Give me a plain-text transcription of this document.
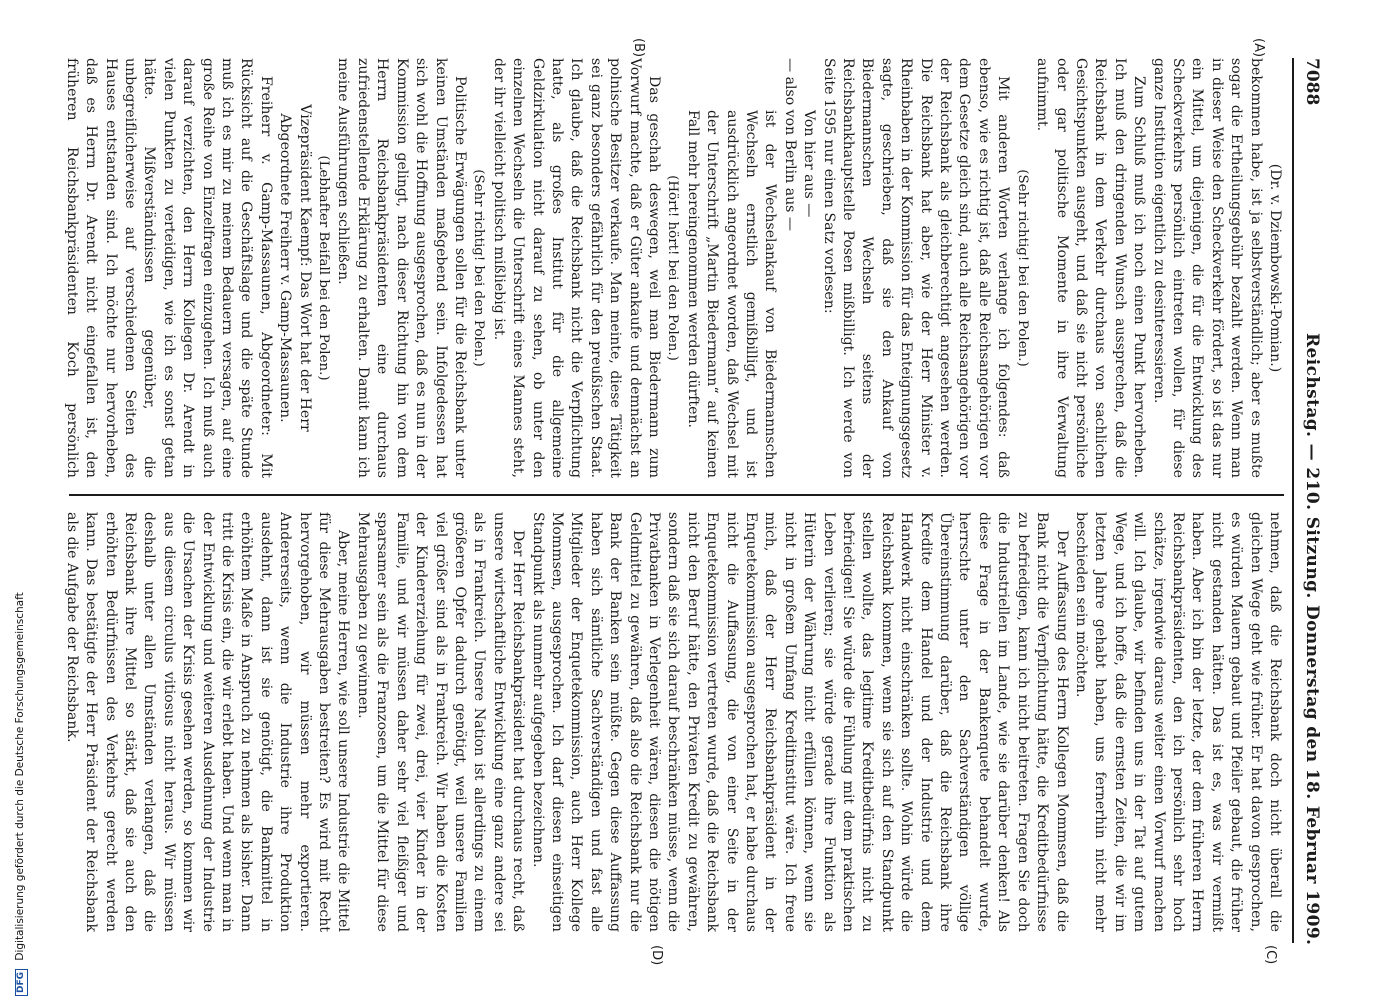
DFG Digitalisierung gefördert durch die Deutsche Forschungsgemeinschaft
7088
Reichstag. — 210. Sitzung. Donnerstag den 18. Februar 1909.
(A)
(B)
(C)
(D)

(Dr. v. Dziembowski-Pomian.)

bekommen habe, ist ja selbstverständlich; aber es mußte sogar die Ertheilungsgebühr bezahlt werden. Wenn man in dieser Weise den Scheckverkehr fördert, so ist das nur ein Mittel, um diejenigen, die für die Entwicklung des Scheckverkehrs persönlich eintreten wollen, für diese ganze Institution eigentlich zu desinteressieren.

Zum Schluß muß ich noch einen Punkt hervorheben. Ich muß den dringenden Wunsch aussprechen, daß die Reichsbank in dem Verkehr durchaus von sachlichen Gesichtspunkten ausgeht, und daß sie nicht persönliche oder gar politische Momente in ihre Verwaltung aufnimmt.

(Sehr richtig! bei den Polen.)

Mit anderen Worten verlange ich folgendes: daß ebenso, wie es richtig ist, daß alle Reichsangehörigen vor dem Gesetze gleich sind, auch alle Reichsangehörigen vor der Reichsbank als gleichberechtigt angesehen werden. Die Reichsbank hat aber, wie der Herr Minister v. Rheinbaben in der Kommission für das Enteignungsgesetz sagte, geschrieben, daß sie den Ankauf von Biedermannschen Wechseln seitens der Reichsbankhauptstelle Posen mißbilligt. Ich werde von Seite 1595 nur einen Satz vorlesen:

Von hier aus —

— also von Berlin aus —

ist der Wechselankauf von Biedermannschen Wechseln ernstlich gemißbilligt, und ist ausdrücklich angeordnet worden, daß Wechsel mit der Unterschrift „Martin Biedermann“ auf keinen Fall mehr hereingenommen werden dürften.

(Hört! hört! bei den Polen.)

Das geschah deswegen, weil man Biedermann zum Vorwurf machte, daß er Güter ankaufe und demnächst an polnische Besitzer verkaufe. Man meinte, diese Tätigkeit sei ganz besonders gefährlich für den preußischen Staat. Ich glaube, daß die Reichsbank nicht die Verpflichtung hatte, als großes Institut für die allgemeine Geldzirkulation nicht darauf zu sehen, ob unter den einzelnen Wechseln die Unterschrift eines Mannes steht, der ihr vielleicht politisch mißliebig ist.

(Sehr richtig! bei den Polen.)

Politische Erwägungen sollen für die Reichsbank unter keinen Umständen maßgebend sein. Infolgedessen hat sich wohl die Hoffnung ausgesprochen, daß es nun in der Kommission gelingt, nach dieser Richtung hin von dem Herrn Reichsbankpräsidenten eine durchaus zufriedenstellende Erklärung zu erhalten. Damit kann ich meine Ausführungen schließen.

(Lebhafter Beifall bei den Polen.)

Vizepräsident Kaempf: Das Wort hat der Herr Abgeordnete Freiherr v. Gamp-Massaunen.

Freiherr v. Gamp-Massaunen, Abgeordneter: Mit Rücksicht auf die Geschäftslage und die späte Stunde muß ich es mir zu meinem Bedauern versagen, auf eine große Reihe von Einzelfragen einzugehen. Ich muß auch darauf verzichten, den Herrn Kollegen Dr. Arendt in vielen Punkten zu verteidigen, wie ich es sonst getan hätte. Mißverständnissen gegenüber, die unbegreiflicherweise auf verschiedenen Seiten des Hauses entstanden sind. Ich möchte nur hervorheben, daß es Herrn Dr. Arendt nicht eingefallen ist, den früheren Reichsbankpräsidenten Koch persönlich

nehmen, daß die Reichsbank doch nicht überall die gleichen Wege geht wie früher. Er hat davon gesprochen, es würden Mauern gebaut und Pfeiler gebaut, die früher nicht gestanden hätten. Das ist es, was wir vermißt haben. Aber ich bin der letzte, der dem früheren Herrn Reichsbankpräsidenten, den ich persönlich sehr hoch schätze, irgendwie daraus weiter einen Vorwurf machen will. Ich glaube, wir befinden uns in der Tat auf gutem Wege, und ich hoffe, daß die ernsten Zeiten, die wir im letzten Jahre gehabt haben, uns fernerhin nicht mehr beschieden sein möchten.

Der Auffassung des Herrn Kollegen Mommsen, daß die Bank nicht die Verpflichtung hätte, die Kreditbedürfnisse zu befriedigen, kann ich nicht beitreten. Fragen Sie doch die Industriellen im Lande, wie sie darüber denken! Als diese Frage in der Bankenquete behandelt wurde, herrschte unter den Sachverständigen völlige Übereinstimmung darüber, daß die Reichsbank ihre Kredite dem Handel und der Industrie und dem Handwerk nicht einschränken sollte. Wohin würde die Reichsbank kommen, wenn sie sich auf den Standpunkt stellen wollte, das legitime Kreditbedürfnis nicht zu befriedigen! Sie würde die Fühlung mit dem praktischen Leben verlieren; sie würde gerade ihre Funktion als Hüterin der Währung nicht erfüllen können, wenn sie nicht in großem Umfang Kreditinstitut wäre. Ich freue mich, daß der Herr Reichsbankpräsident in der Enquetekommission ausgesprochen hat, er habe durchaus nicht die Auffassung, die von einer Seite in der Enquetekommission vertreten wurde, daß die Reichsbank nicht den Beruf hätte, den Privaten Kredit zu gewähren, sondern daß sie sich darauf beschränken müsse, wenn die Privatbanken in Verlegenheit wären, diesen die nötigen Geldmittel zu gewähren, daß also die Reichsbank nur die Bank der Banken sein müßte. Gegen diese Auffassung haben sich sämtliche Sachverständigen und fast alle Mitglieder der Enquetekommission, auch Herr Kollege Mommsen, ausgesprochen. Ich darf diesen einseitigen Standpunkt als nunmehr aufgegeben bezeichnen.

Der Herr Reichsbankpräsident hat durchaus recht, daß unsere wirtschaftliche Entwicklung eine ganz andere sei als in Frankreich. Unsere Nation ist allerdings zu einem größeren Opfer dadurch genötigt, weil unsere Familien viel größer sind als in Frankreich. Wir haben die Kosten der Kindererziehung für zwei, drei, vier Kinder in der Familie, und wir müssen daher sehr viel fleißiger und sparsamer sein als die Franzosen, um die Mittel für diese Mehrausgaben zu gewinnen.

Aber, meine Herren, wie soll unsere Industrie die Mittel für diese Mehrausgaben bestreiten? Es wird mit Recht hervorgehoben, wir müssen mehr exportieren. Andererseits, wenn die Industrie ihre Produktion ausdehnt, dann ist sie genötigt, die Bankmittel in erhöhtem Maße in Anspruch zu nehmen als bisher. Dann tritt die Krisis ein, die wir erlebt haben. Und wenn man in der Entwicklung und weiteren Ausdehnung der Industrie die Ursachen der Krisis gesehen werden, so kommen wir aus diesem circulus vitiosus nicht heraus. Wir müssen deshalb unter allen Umständen verlangen, daß die Reichsbank ihre Mittel so stärkt, daß sie auch den erhöhten Bedürfnissen des Verkehrs gerecht werden kann. Das bestätigte der Herr Präsident der Reichsbank als die Aufgabe der Reichsbank.
